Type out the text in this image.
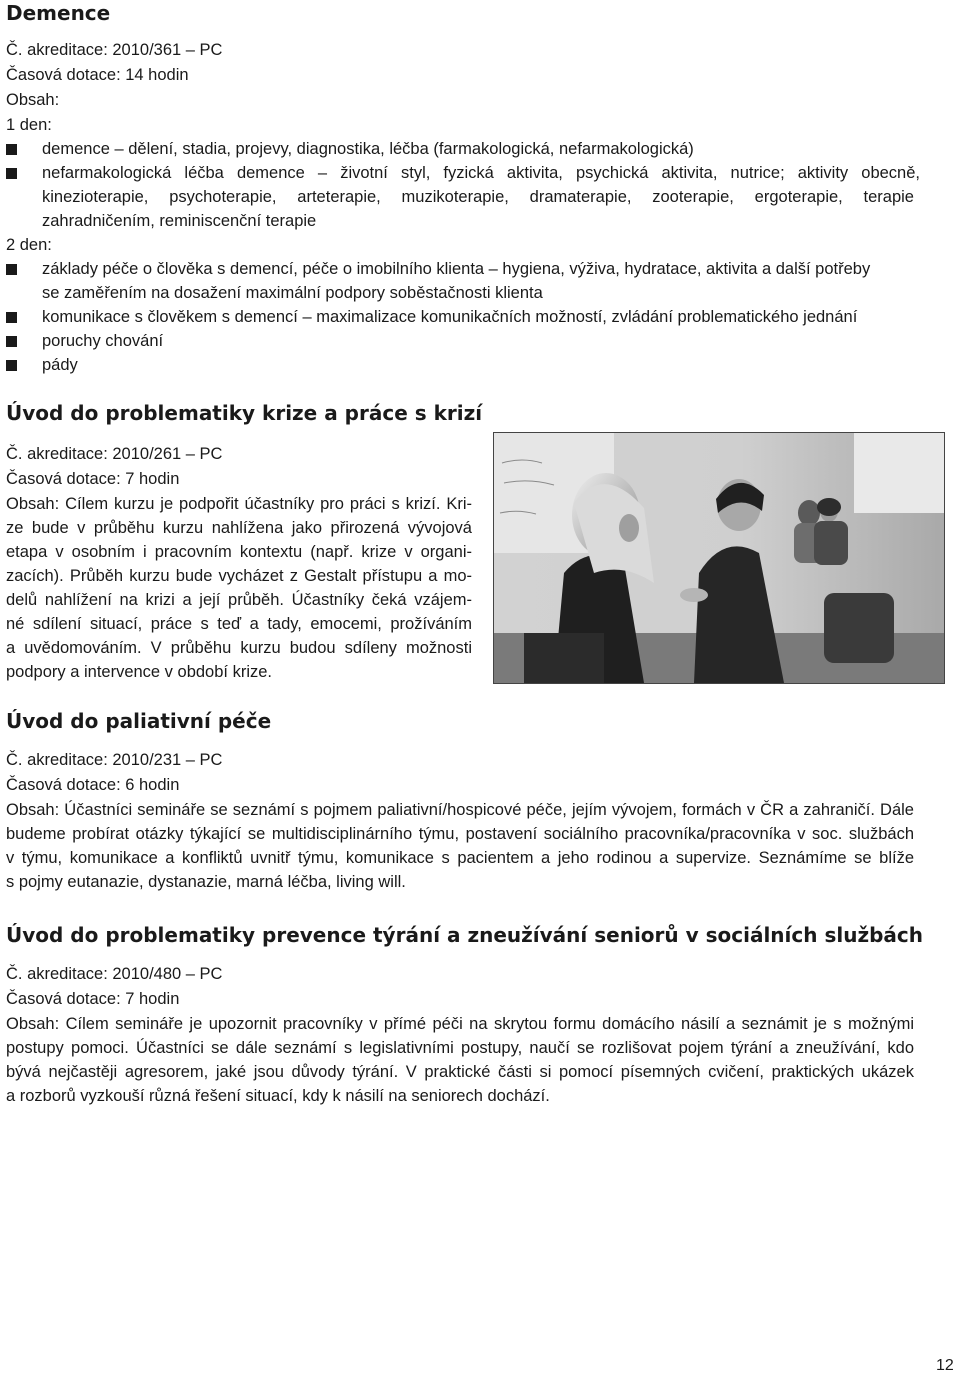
Demence
Č. akreditace: 2010/361 – PC
Časová dotace: 14 hodin
Obsah:
1 den:
demence – dělení, stadia, projevy, diagnostika, léčba (farmakologická, nefarmakologická)
nefarmakologická léčba demence – životní styl, fyzická aktivita, psychická aktivita, nutrice; aktivity obecně,
kinezioterapie, psychoterapie, arteterapie, muzikoterapie, dramaterapie, zooterapie, ergoterapie, terapie
zahradničením, reminiscenční terapie
2 den:
základy péče o člověka s demencí, péče o imobilního klienta – hygiena, výživa, hydratace, aktivita a další potřeby
se zaměřením na dosažení maximální podpory soběstačnosti klienta
komunikace s člověkem s demencí – maximalizace komunikačních možností, zvládání problematického jednání
poruchy chování
pády
Úvod do problematiky krize a práce s krizí
Č. akreditace: 2010/261 – PC
Časová dotace: 7 hodin
Obsah: Cílem kurzu je podpořit účastníky pro práci s krizí. Kri-
ze bude v průběhu kurzu nahlížena jako přirozená vývojová
etapa v osobním i pracovním kontextu (např. krize v organi-
zacích). Průběh kurzu bude vycházet z Gestalt přístupu a mo-
delů nahlížení na krizi a její průběh. Účastníky čeká vzájem-
né sdílení situací, práce s teď a tady, emocemi, prožíváním
a uvědomováním. V průběhu kurzu budou sdíleny možnosti
podpory a intervence v období krize.
Úvod do paliativní péče
Č. akreditace: 2010/231 – PC
Časová dotace: 6 hodin
Obsah: Účastníci semináře se seznámí s pojmem paliativní/hospicové péče, jejím vývojem, formách v ČR a zahraničí. Dále
budeme probírat otázky týkající se multidisciplinárního týmu, postavení sociálního pracovníka/pracovníka v soc. službách
v týmu, komunikace a konfliktů uvnitř týmu, komunikace s pacientem a jeho rodinou a supervize. Seznámíme se blíže
s pojmy eutanazie, dystanazie, marná léčba, living will.
Úvod do problematiky prevence týrání a zneužívání seniorů v sociálních službách
Č. akreditace: 2010/480 – PC
Časová dotace: 7 hodin
Obsah: Cílem semináře je upozornit pracovníky v přímé péči na skrytou formu domácího násilí a seznámit je s možnými
postupy pomoci. Účastníci se dále seznámí s legislativními postupy, naučí se rozlišovat pojem týrání a zneužívání, kdo
bývá nejčastěji agresorem, jaké jsou důvody týrání. V praktické části si pomocí písemných cvičení, praktických ukázek
a rozborů vyzkouší různá řešení situací, kdy k násilí na seniorech dochází.
12
